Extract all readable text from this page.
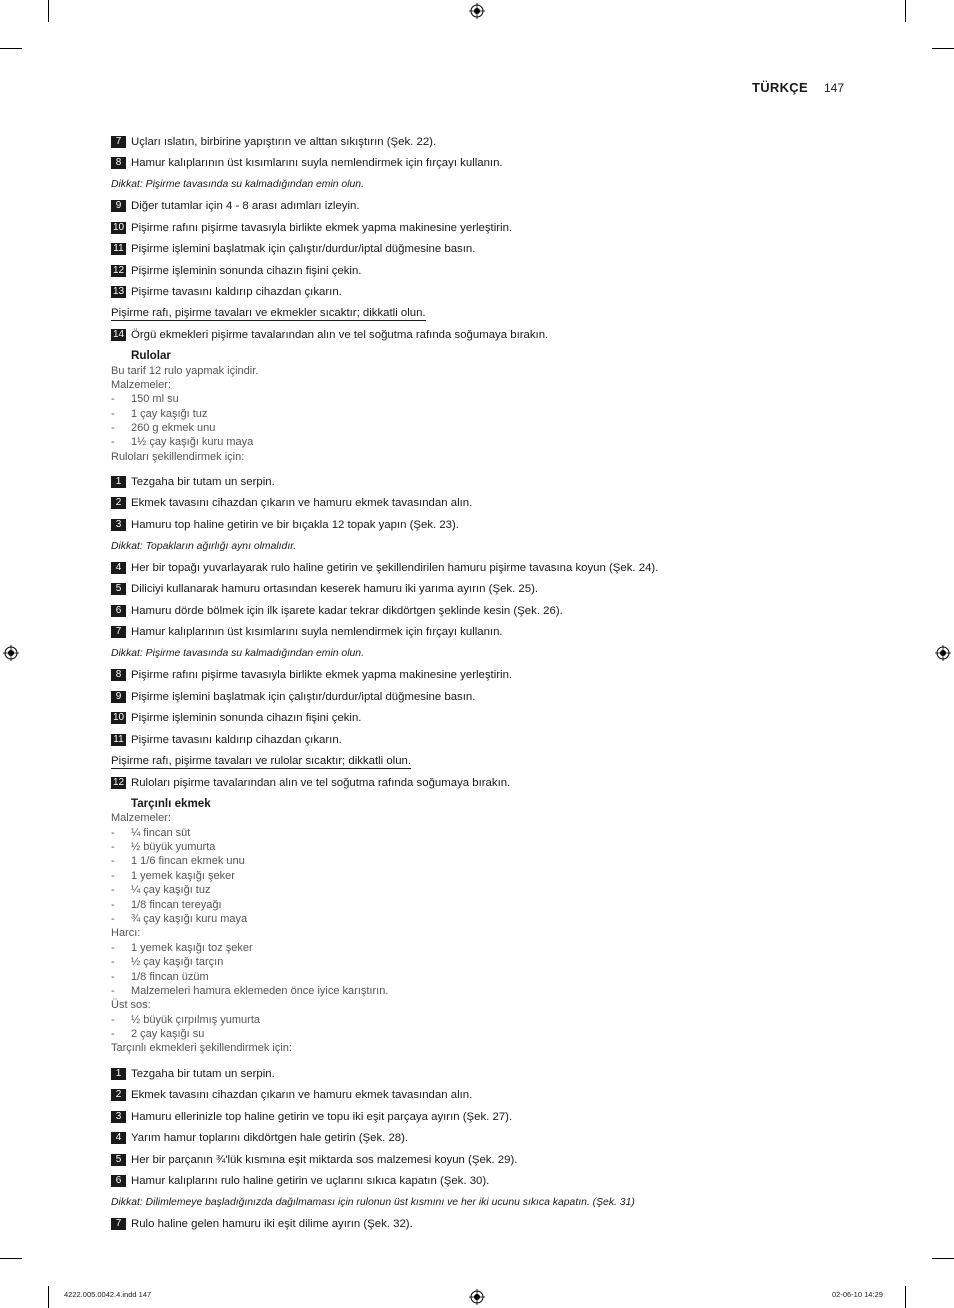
TÜRKÇE 147
7 Uçları ıslatın, birbirine yapıştırın ve alttan sıkıştırın (Şek. 22).
8 Hamur kalıplarının üst kısımlarını suyla nemlendirmek için fırçayı kullanın.
Dikkat: Pişirme tavasında su kalmadığından emin olun.
9 Diğer tutamlar için 4 - 8 arası adımları izleyin.
10 Pişirme rafını pişirme tavasıyla birlikte ekmek yapma makinesine yerleştirin.
11 Pişirme işlemini başlatmak için çalıştır/durdur/iptal düğmesine basın.
12 Pişirme işleminin sonunda cihazın fişini çekin.
13 Pişirme tavasını kaldırıp cihazdan çıkarın.
Pişirme rafı, pişirme tavaları ve ekmekler sıcaktır; dikkatli olun.
14 Örgü ekmekleri pişirme tavalarından alın ve tel soğutma rafında soğumaya bırakın.
Rulolar
Bu tarif 12 rulo yapmak içindir.
Malzemeler:
-	150 ml su
-	1 çay kaşığı tuz
-	260 g ekmek unu
-	1½ çay kaşığı kuru maya
Ruloları şekillendirmek için:
1 Tezgaha bir tutam un serpin.
2 Ekmek tavasını cihazdan çıkarın ve hamuru ekmek tavasından alın.
3 Hamuru top haline getirin ve bir bıçakla 12 topak yapın (Şek. 23).
Dikkat: Topakların ağırlığı aynı olmalıdır.
4 Her bir topağı yuvarlayarak rulo haline getirin ve şekillendirilen hamuru pişirme tavasına koyun (Şek. 24).
5 Diliciyi kullanarak hamuru ortasından keserek hamuru iki yarıma ayırın (Şek. 25).
6 Hamuru dörde bölmek için ilk işarete kadar tekrar dikdörtgen şeklinde kesin (Şek. 26).
7 Hamur kalıplarının üst kısımlarını suyla nemlendirmek için fırçayı kullanın.
Dikkat: Pişirme tavasında su kalmadığından emin olun.
8 Pişirme rafını pişirme tavasıyla birlikte ekmek yapma makinesine yerleştirin.
9 Pişirme işlemini başlatmak için çalıştır/durdur/iptal düğmesine basın.
10 Pişirme işleminin sonunda cihazın fişini çekin.
11 Pişirme tavasını kaldırıp cihazdan çıkarın.
Pişirme rafı, pişirme tavaları ve rulolar sıcaktır; dikkatli olun.
12 Ruloları pişirme tavalarından alın ve tel soğutma rafında soğumaya bırakın.
Tarçınlı ekmek
Malzemeler:
-	¼ fincan süt
-	½ büyük yumurta
-	1 1/6 fincan ekmek unu
-	1 yemek kaşığı şeker
-	¼ çay kaşığı tuz
-	1/8 fincan tereyağı
-	¾ çay kaşığı kuru maya
Harcı:
-	1 yemek kaşığı toz şeker
-	½ çay kaşığı tarçın
-	1/8 fincan üzüm
-	Malzemeleri hamura eklemeden önce iyice karıştırın.
Üst sos:
-	½ büyük çırpılmış yumurta
-	2 çay kaşığı su
Tarçınlı ekmekleri şekillendirmek için:
1 Tezgaha bir tutam un serpin.
2 Ekmek tavasını cihazdan çıkarın ve hamuru ekmek tavasından alın.
3 Hamuru ellerinizle top haline getirin ve topu iki eşit parçaya ayırın (Şek. 27).
4 Yarım hamur toplarını dikdörtgen hale getirin (Şek. 28).
5 Her bir parçanın ¾'lük kısmına eşit miktarda sos malzemesi koyun (Şek. 29).
6 Hamur kalıplarını rulo haline getirin ve uçlarını sıkıca kapatın (Şek. 30).
Dikkat: Dilimlemeye başladığınızda dağılmaması için rulonun üst kısmını ve her iki ucunu sıkıca kapatın. (Şek. 31)
7 Rulo haline gelen hamuru iki eşit dilime ayırın (Şek. 32).
4222.005.0042.4.indd 147	02-06-10 14:29
